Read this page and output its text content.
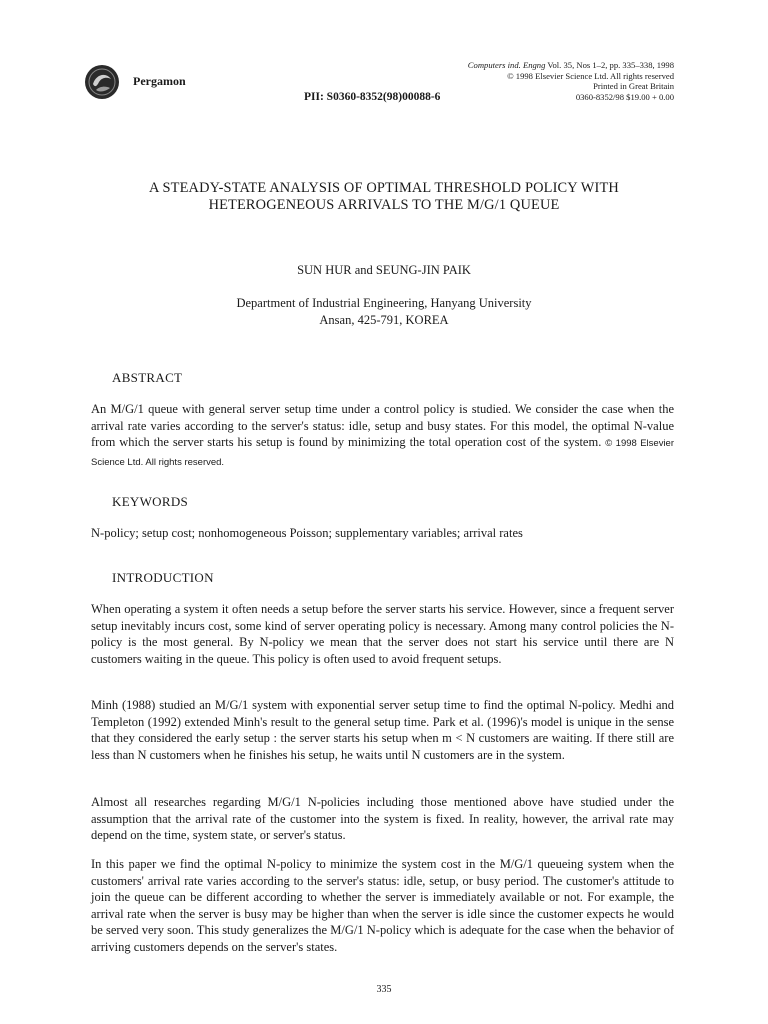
Pergamon
Computers ind. Engng Vol. 35, Nos 1–2, pp. 335–338, 1998
© 1998 Elsevier Science Ltd. All rights reserved
Printed in Great Britain
0360-8352/98 $19.00 + 0.00
PII: S0360-8352(98)00088-6
A STEADY-STATE ANALYSIS OF OPTIMAL THRESHOLD POLICY WITH
HETEROGENEOUS ARRIVALS TO THE M/G/1 QUEUE
SUN HUR and SEUNG-JIN PAIK
Department of Industrial Engineering, Hanyang University
Ansan, 425-791, KOREA
ABSTRACT

An M/G/1 queue with general server setup time under a control policy is studied. We consider the case when the arrival rate varies according to the server's status: idle, setup and busy states. For this model, the optimal N-value from which the server starts his setup is found by minimizing the total operation cost of the system. © 1998 Elsevier Science Ltd. All rights reserved.

KEYWORDS

N-policy; setup cost; nonhomogeneous Poisson; supplementary variables; arrival rates

INTRODUCTION

When operating a system it often needs a setup before the server starts his service. However, since a frequent server setup inevitably incurs cost, some kind of server operating policy is necessary. Among many control policies the N-policy is the most general. By N-policy we mean that the server does not start his service until there are N customers waiting in the queue. This policy is often used to avoid frequent setups.

Minh (1988) studied an M/G/1 system with exponential server setup time to find the optimal N-policy. Medhi and Templeton (1992) extended Minh's result to the general setup time. Park et al. (1996)'s model is unique in the sense that they considered the early setup : the server starts his setup when m < N customers are waiting. If there still are less than N customers when he finishes his setup, he waits until N customers are in the system.

Almost all researches regarding M/G/1 N-policies including those mentioned above have studied under the assumption that the arrival rate of the customer into the system is fixed. In reality, however, the arrival rate may depend on the time, system state, or server's status.

In this paper we find the optimal N-policy to minimize the system cost in the M/G/1 queueing system when the customers' arrival rate varies according to the server's status: idle, setup, or busy period. The customer's attitude to join the queue can be different according to whether the server is immediately available or not. For example, the arrival rate when the server is busy may be higher than when the server is idle since the customer expects he would be served very soon. This study generalizes the M/G/1 N-policy which is adequate for the case when the behavior of arriving customers depends on the server's states.

335
